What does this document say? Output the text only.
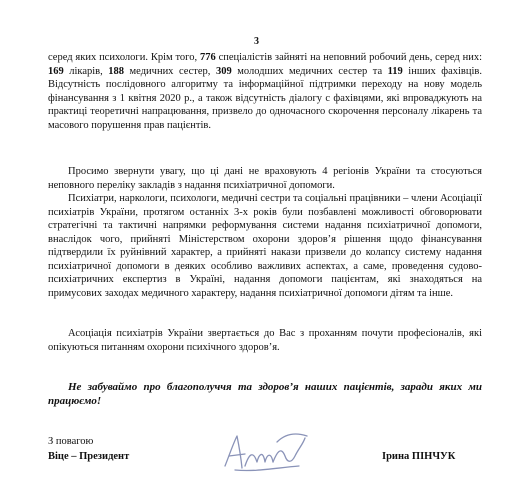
3

серед яких психологи. Крім того, 776 спеціалістів зайняті на неповний робочий день, серед них: 169 лікарів, 188 медичних сестер, 309 молодших медичних сестер та 119 інших фахівців. Відсутність послідовного алгоритму та інформаційної підтримки переходу на нову модель фінансування з 1 квітня 2020 р., а також відсутність діалогу с фахівцями, які впроваджують на практиці теоретичні напрацювання, призвело до одночасного скорочення персоналу лікарень та масового порушення прав пацієнтів.

Просимо звернути увагу, що ці дані не враховують 4 регіонів України та стосуються неповного переліку закладів з надання психіатричної допомоги.

Психіатри, наркологи, психологи, медичні сестри та соціальні працівники – члени Асоціації психіатрів України, протягом останніх 3-х років були позбавлені можливості обговорювати стратегічні та тактичні напрямки реформування системи надання психіатричної допомоги, внаслідок чого, прийняті Міністерством охорони здоров’я рішення щодо фінансування підтвердили їх руйнівний характер, а прийняті накази призвели до колапсу систему надання психіатричної допомоги в деяких особливо важливих аспектах, а саме, проведення судово-психіатричних експертиз в Україні, надання допомоги пацієнтам, які знаходяться на примусових заходах медичного характеру, надання психіатричної допомоги дітям та інше.

Асоціація психіатрів України звертається до Вас з проханням почути професіоналів, які опікуються питанням охорони психічного здоров’я.

Не забуваймо про благополуччя та здоров’я наших пацієнтів, заради яких ми працюємо!

З повагою
Віце – Президент	Ірина ПІНЧУК
